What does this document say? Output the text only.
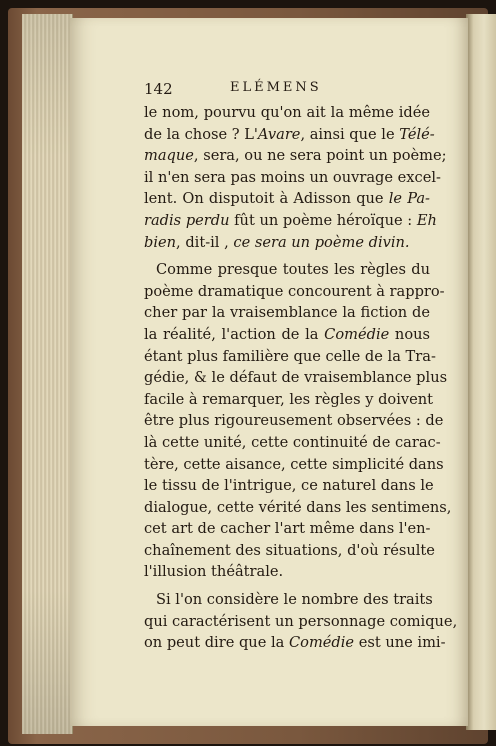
142	ELÉMENS
le nom, pourvu qu'on ait la même idée
de la chose ? L'Avare, ainsi que le Télé-
maque, sera, ou ne sera point un poème;
il n'en sera pas moins un ouvrage excel-
lent. On disputoit à Adisson que le Pa-
radis perdu fût un poème héroïque : Eh
bien, dit-il , ce sera un poème divin.
Comme presque toutes les règles du
poème dramatique concourent à rappro-
cher par la vraisemblance la fiction de
la réalité, l'action de la Comédie nous
étant plus familière que celle de la Tra-
gédie, & le défaut de vraisemblance plus
facile à remarquer, les règles y doivent
être plus rigoureusement observées : de
là cette unité, cette continuité de carac-
tère, cette aisance, cette simplicité dans
le tissu de l'intrigue, ce naturel dans le
dialogue, cette vérité dans les sentimens,
cet art de cacher l'art même dans l'en-
chaînement des situations, d'où résulte
l'illusion théâtrale.
Si l'on considère le nombre des traits
qui caractérisent un personnage comique,
on peut dire que la Comédie est une imi-
